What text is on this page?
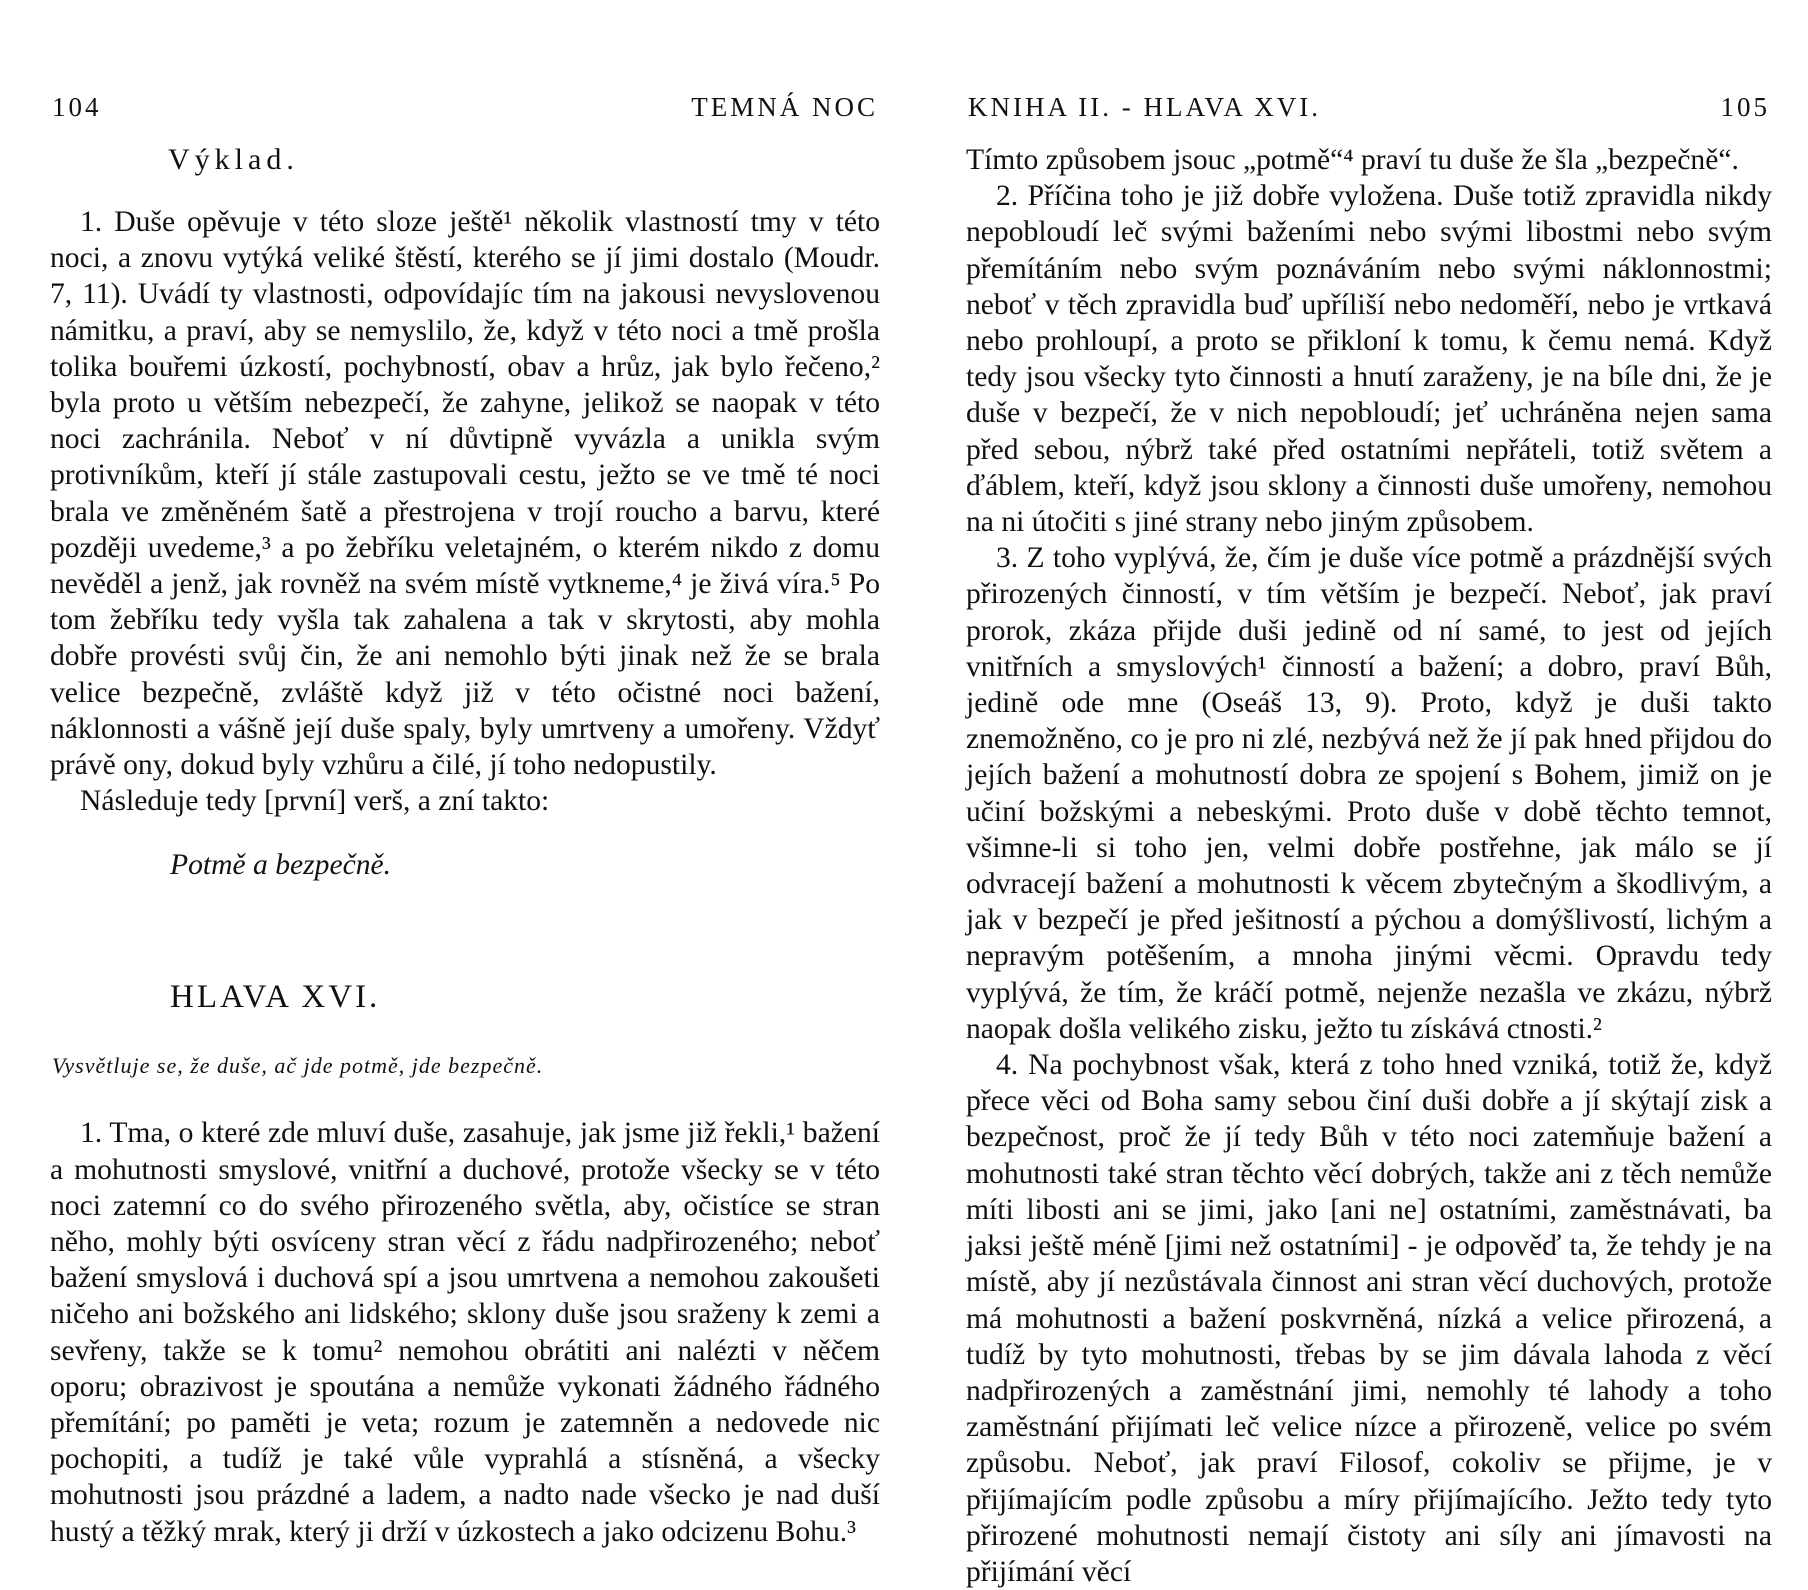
104	TEMNÁ NOC

Výklad.

1. Duše opěvuje v této sloze ještě¹ několik vlastností tmy v této noci, a znovu vytýká veliké štěstí, kterého se jí jimi dostalo (Moudr. 7, 11). Uvádí ty vlastnosti, odpovídajíc tím na jakousi nevyslovenou námitku, a praví, aby se nemyslilo, že, když v této noci a tmě prošla tolika bouřemi úzkostí, pochybností, obav a hrůz, jak bylo řečeno,² byla proto u větším nebezpečí, že zahyne, jelikož se naopak v této noci zachránila. Neboť v ní důvtipně vyvázla a unikla svým protivníkům, kteří jí stále zastupovali cestu, ježto se ve tmě té noci brala ve změněném šatě a přestrojena v trojí roucho a barvu, které později uvedeme,³ a po žebříku veletajném, o kterém nikdo z domu nevěděl a jenž, jak rovněž na svém místě vytkneme,⁴ je živá víra.⁵ Po tom žebříku tedy vyšla tak zahalena a tak v skrytosti, aby mohla dobře provésti svůj čin, že ani nemohlo býti jinak než že se brala velice bezpečně, zvláště když již v této očistné noci bažení, náklonnosti a vášně její duše spaly, byly umrtveny a umořeny. Vždyť právě ony, dokud byly vzhůru a čilé, jí toho nedopustily.

Následuje tedy [první] verš, a zní takto:

Potmě a bezpečně.

HLAVA XVI.

Vysvětluje se, že duše, ač jde potmě, jde bezpečně.

1. Tma, o které zde mluví duše, zasahuje, jak jsme již řekli,¹ bažení a mohutnosti smyslové, vnitřní a duchové, protože všecky se v této noci zatemní co do svého přirozeného světla, aby, očistíce se stran něho, mohly býti osvíceny stran věcí z řádu nadpřirozeného; neboť bažení smyslová i duchová spí a jsou umrtvena a nemohou zakoušeti ničeho ani božského ani lidského; sklony duše jsou sraženy k zemi a sevřeny, takže se k tomu² nemohou obrátiti ani nalézti v něčem oporu; obrazivost je spoutána a nemůže vykonati žádného řádného přemítání; po paměti je veta; rozum je zatemněn a nedovede nic pochopiti, a tudíž je také vůle vyprahlá a stísněná, a všecky mohutnosti jsou prázdné a ladem, a nadto nade všecko je nad duší hustý a těžký mrak, který ji drží v úzkostech a jako odcizenu Bohu.³

KNIHA II. - HLAVA XVI.	105

Tímto způsobem jsouc „potmě“⁴ praví tu duše že šla „bezpečně“.

2. Příčina toho je již dobře vyložena. Duše totiž zpravidla nikdy nepobloudí leč svými baženími nebo svými libostmi nebo svým přemítáním nebo svým poznáváním nebo svými náklonnostmi; neboť v těch zpravidla buď upříliší nebo nedoměří, nebo je vrtkavá nebo prohloupí, a proto se přikloní k tomu, k čemu nemá. Když tedy jsou všecky tyto činnosti a hnutí zaraženy, je na bíle dni, že je duše v bezpečí, že v nich nepobloudí; jeť uchráněna nejen sama před sebou, nýbrž také před ostatními nepřáteli, totiž světem a ďáblem, kteří, když jsou sklony a činnosti duše umořeny, nemohou na ni útočiti s jiné strany nebo jiným způsobem.

3. Z toho vyplývá, že, čím je duše více potmě a prázdnější svých přirozených činností, v tím větším je bezpečí. Neboť, jak praví prorok, zkáza přijde duši jedině od ní samé, to jest od jejích vnitřních a smyslových¹ činností a bažení; a dobro, praví Bůh, jedině ode mne (Oseáš 13, 9). Proto, když je duši takto znemožněno, co je pro ni zlé, nezbývá než že jí pak hned přijdou do jejích bažení a mohutností dobra ze spojení s Bohem, jimiž on je učiní božskými a nebeskými. Proto duše v době těchto temnot, všimne-li si toho jen, velmi dobře postřehne, jak málo se jí odvracejí bažení a mohutnosti k věcem zbytečným a škodlivým, a jak v bezpečí je před ješitností a pýchou a domýšlivostí, lichým a nepravým potěšením, a mnoha jinými věcmi. Opravdu tedy vyplývá, že tím, že kráčí potmě, nejenže nezašla ve zkázu, nýbrž naopak došla velikého zisku, ježto tu získává ctnosti.²

4. Na pochybnost však, která z toho hned vzniká, totiž že, když přece věci od Boha samy sebou činí duši dobře a jí skýtají zisk a bezpečnost, proč že jí tedy Bůh v této noci zatemňuje bažení a mohutnosti také stran těchto věcí dobrých, takže ani z těch nemůže míti libosti ani se jimi, jako [ani ne] ostatními, zaměstnávati, ba jaksi ještě méně [jimi než ostatními] - je odpověď ta, že tehdy je na místě, aby jí nezůstávala činnost ani stran věcí duchových, protože má mohutnosti a bažení poskvrněná, nízká a velice přirozená, a tudíž by tyto mohutnosti, třebas by se jim dávala lahoda z věcí nadpřirozených a zaměstnání jimi, nemohly té lahody a toho zaměstnání přijímati leč velice nízce a přirozeně, velice po svém způsobu. Neboť, jak praví Filosof, cokoliv se přijme, je v přijímajícím podle způsobu a míry přijímajícího. Ježto tedy tyto přirozené mohutnosti nemají čistoty ani síly ani jímavosti na přijímání věcí
